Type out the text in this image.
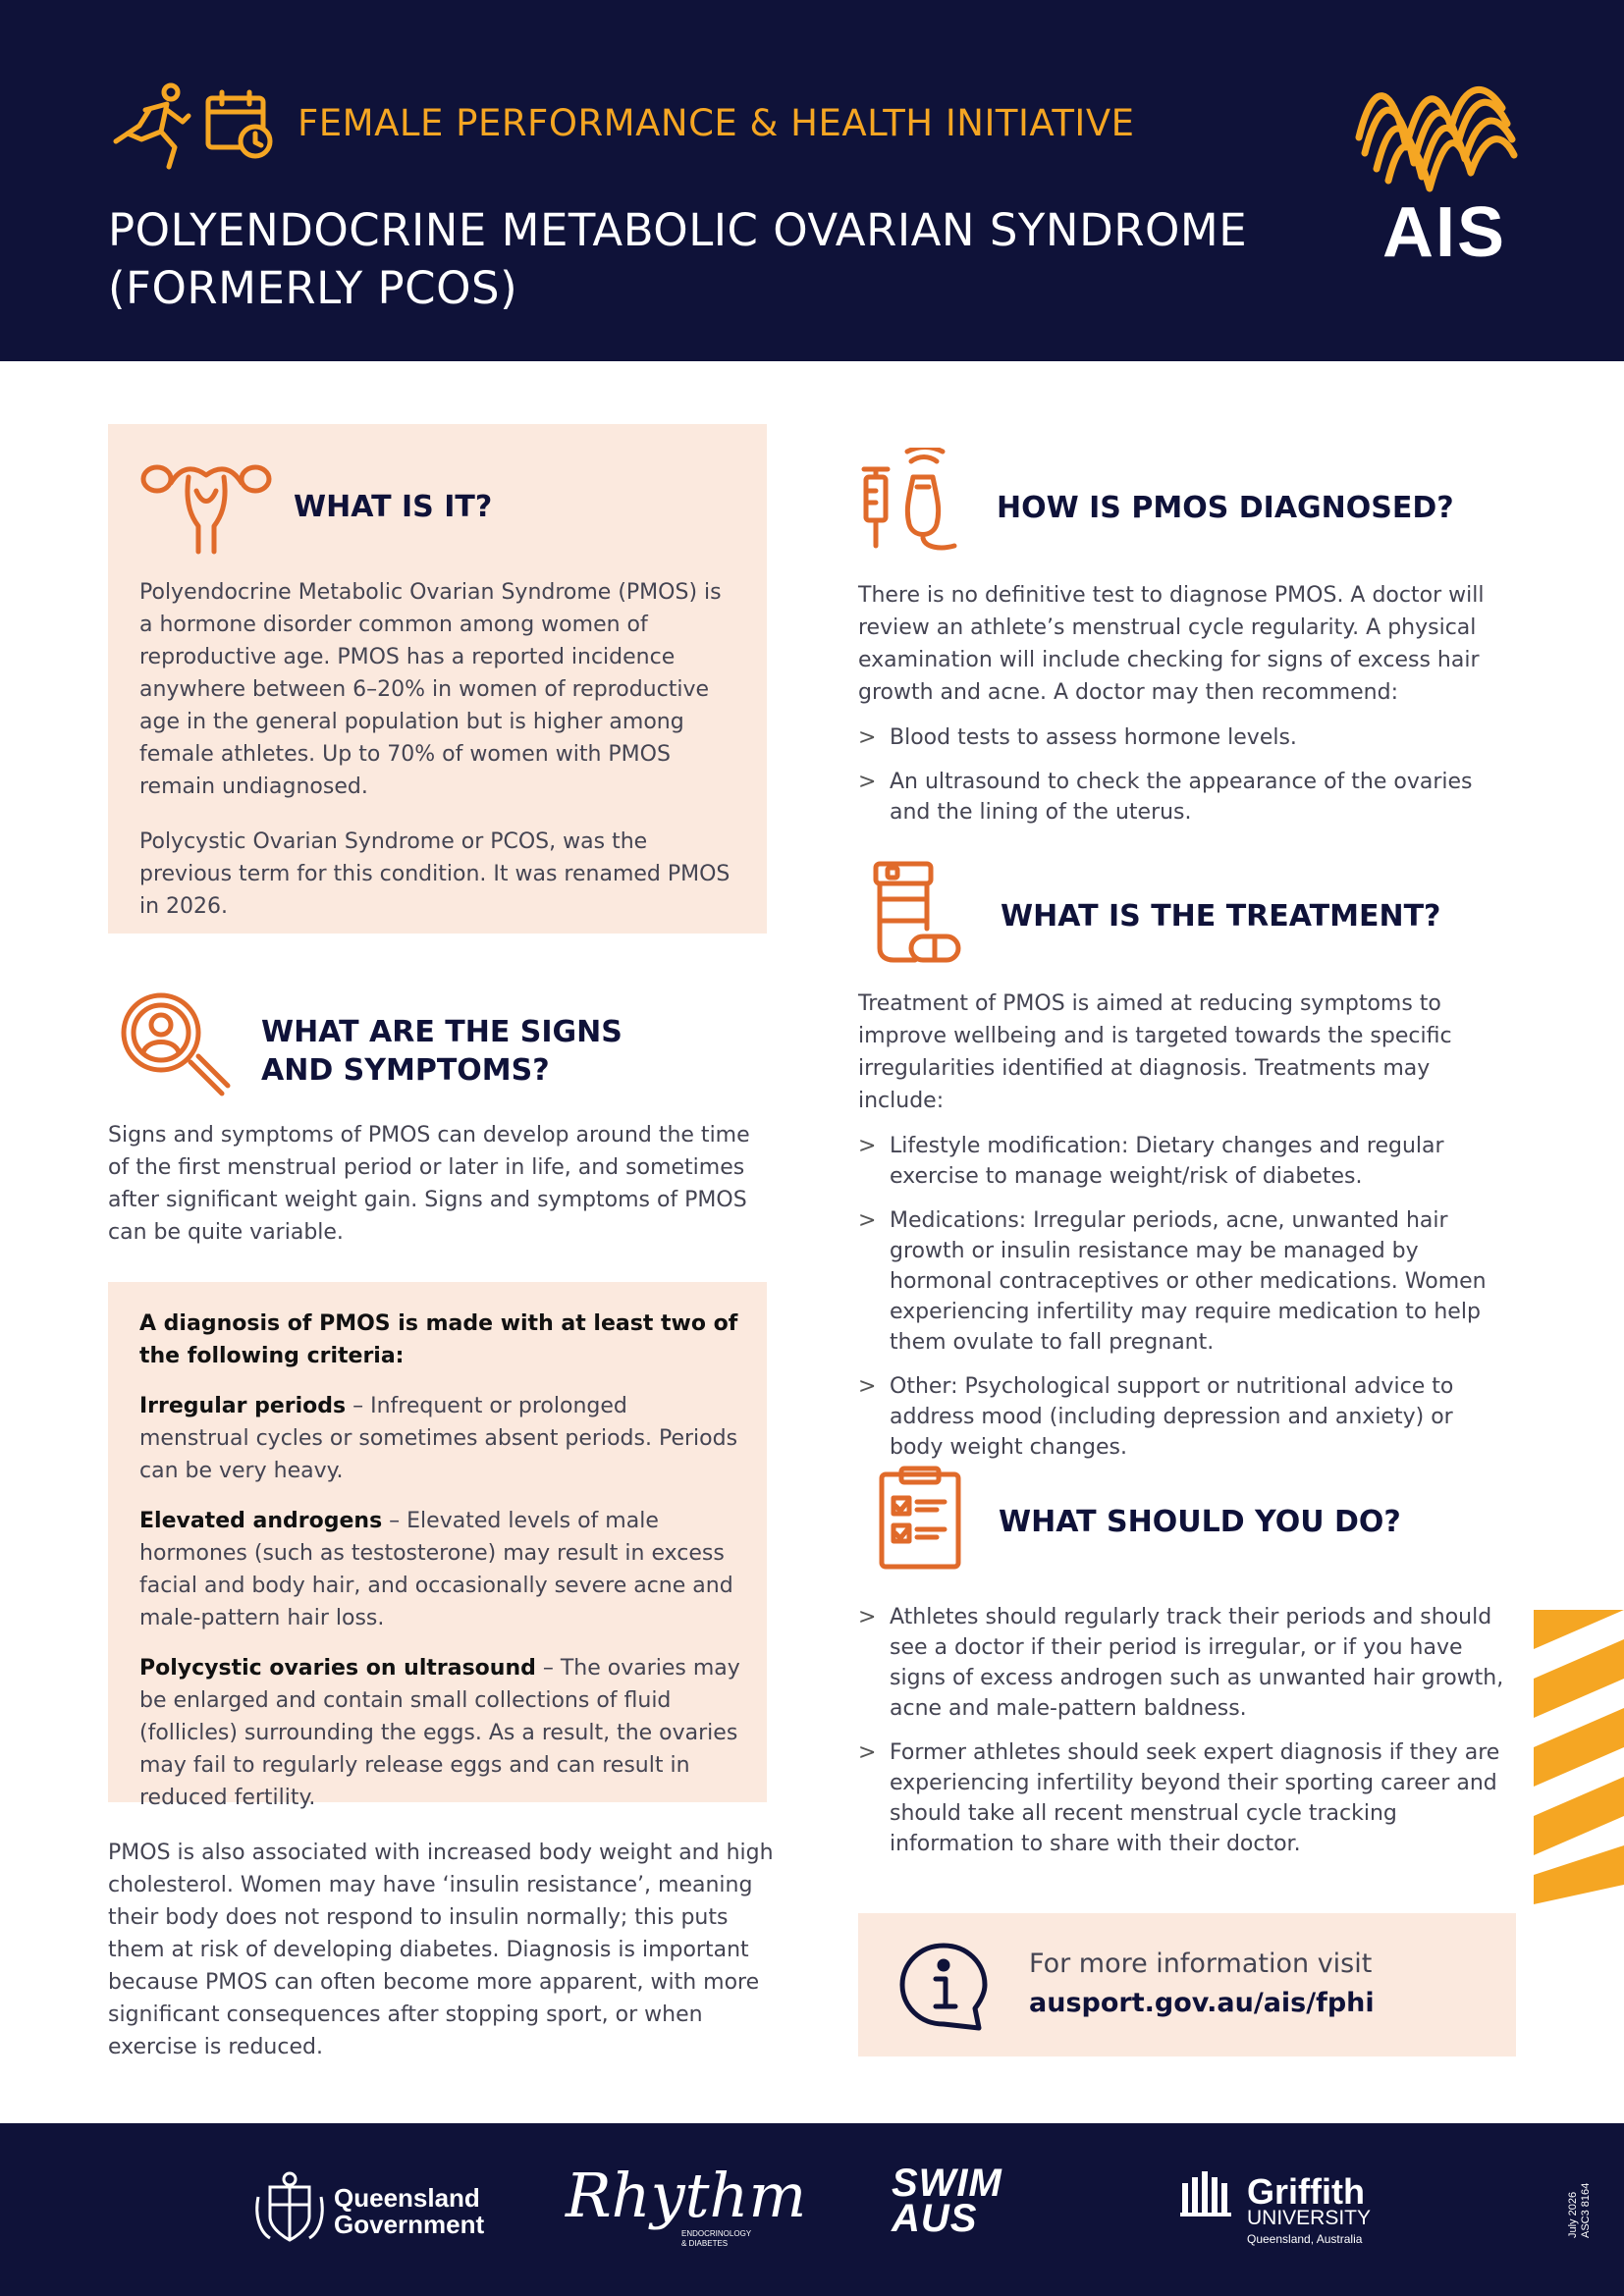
FEMALE PERFORMANCE & HEALTH INITIATIVE
POLYENDOCRINE METABOLIC OVARIAN SYNDROME
(FORMERLY PCOS)
AIS
WHAT IS IT?

Polyendocrine Metabolic Ovarian Syndrome (PMOS) is a hormone disorder common among women of reproductive age. PMOS has a reported incidence anywhere between 6–20% in women of reproductive age in the general population but is higher among female athletes. Up to 70% of women with PMOS remain undiagnosed.

Polycystic Ovarian Syndrome or PCOS, was the previous term for this condition. It was renamed PMOS in 2026.

WHAT ARE THE SIGNS
AND SYMPTOMS?
Signs and symptoms of PMOS can develop around the time of the first menstrual period or later in life, and sometimes after significant weight gain. Signs and symptoms of PMOS can be quite variable.

A diagnosis of PMOS is made with at least two of the following criteria:

Irregular periods – Infrequent or prolonged menstrual cycles or sometimes absent periods. Periods can be very heavy.

Elevated androgens – Elevated levels of male hormones (such as testosterone) may result in excess facial and body hair, and occasionally severe acne and male-pattern hair loss.

Polycystic ovaries on ultrasound – The ovaries may be enlarged and contain small collections of fluid (follicles) surrounding the eggs. As a result, the ovaries may fail to regularly release eggs and can result in reduced fertility.

PMOS is also associated with increased body weight and high cholesterol. Women may have ‘insulin resistance’, meaning their body does not respond to insulin normally; this puts them at risk of developing diabetes. Diagnosis is important because PMOS can often become more apparent, with more significant consequences after stopping sport, or when exercise is reduced.
HOW IS PMOS DIAGNOSED?

There is no definitive test to diagnose PMOS. A doctor will review an athlete’s menstrual cycle regularity. A physical examination will include checking for signs of excess hair growth and acne. A doctor may then recommend:

> Blood tests to assess hormone levels.
> An ultrasound to check the appearance of the ovaries and the lining of the uterus.
WHAT IS THE TREATMENT?

Treatment of PMOS is aimed at reducing symptoms to improve wellbeing and is targeted towards the specific irregularities identified at diagnosis. Treatments may include:

> Lifestyle modification: Dietary changes and regular exercise to manage weight/risk of diabetes.
> Medications: Irregular periods, acne, unwanted hair growth or insulin resistance may be managed by hormonal contraceptives or other medications. Women experiencing infertility may require medication to help them ovulate to fall pregnant.
> Other: Psychological support or nutritional advice to address mood (including depression and anxiety) or body weight changes.
WHAT SHOULD YOU DO?
> Athletes should regularly track their periods and should see a doctor if their period is irregular, or if you have signs of excess androgen such as unwanted hair growth, acne and male-pattern baldness.
> Former athletes should seek expert diagnosis if they are experiencing infertility beyond their sporting career and should take all recent menstrual cycle tracking information to share with their doctor.
For more information visit
ausport.gov.au/ais/fphi
Queensland
Government Rhythm
ENDOCRINOLOGY
& DIABETES
SWIM
AUS
Griffith
UNIVERSITY
Queensland, Australia
July 2026 ASC3 8164
